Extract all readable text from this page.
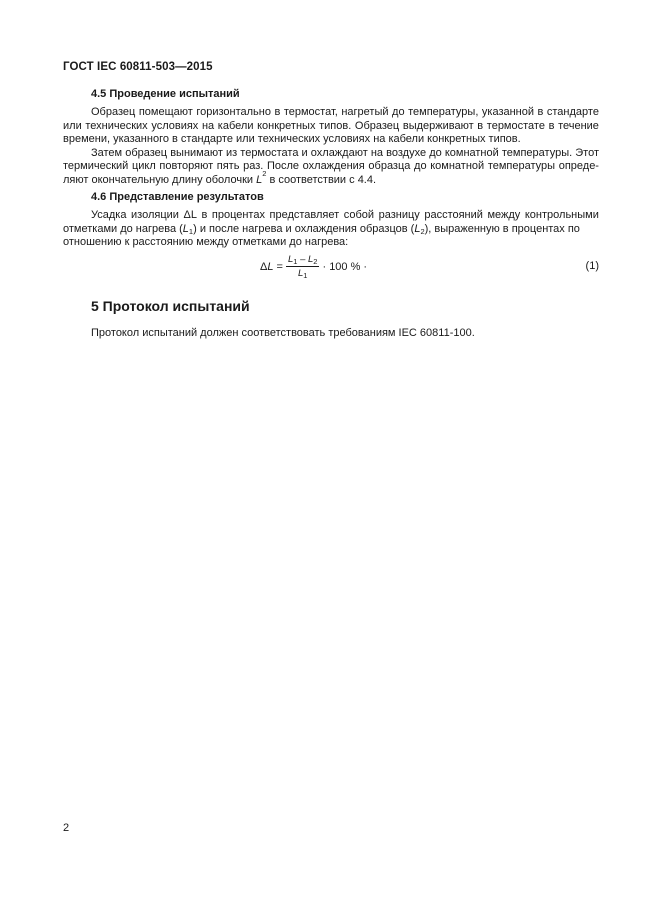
ГОСТ IEC 60811-503—2015
4.5 Проведение испытаний
Образец помещают горизонтально в термостат, нагретый до температуры, указанной в стандарте
или технических условиях на кабели конкретных типов. Образец выдерживают в термостате в течение
времени, указанного в стандарте или технических условиях на кабели конкретных типов.
Затем образец вынимают из термостата и охлаждают на воздухе до комнатной температуры. Этот
термический цикл повторяют пять раз. После охлаждения образца до комнатной температуры опреде-
ляют окончательную длину оболочки
L
2
в соответствии с 4.4.
4.6 Представление результатов
Усадка изоляции ΔL в процентах представляет собой разницу расстояний между контрольными
отметками до нагрева $(L_1)$ и после нагрева и охлаждения образцов $(L_2)$, выраженную в процентах по
отношению к расстоянию между отметками до нагрева:
Δ $L = \frac{L_1 - L_2}{L_1} \cdot 100$ % ·	(1)
5 Протокол испытаний
Протокол испытаний должен соответствовать требованиям IEC 60811-100.
2
